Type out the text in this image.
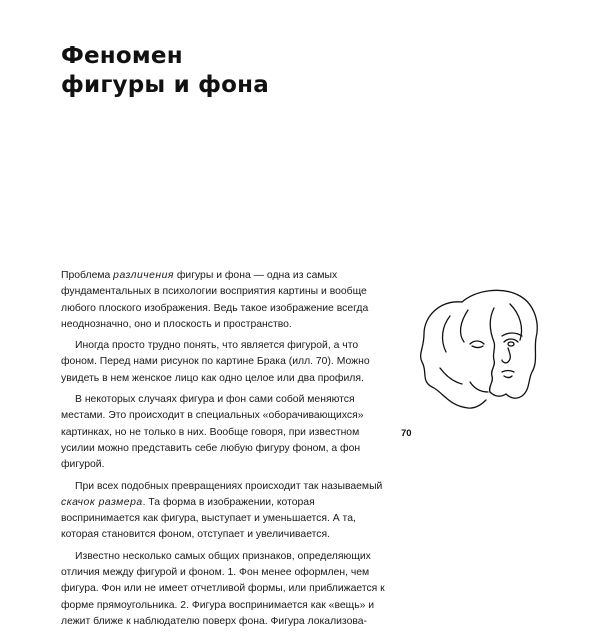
Феномен
фигуры и фона

Проблема различения фигуры и фона — одна из самых фундаментальных в психологии восприятия картины и вообще любого плоского изображения. Ведь такое изображение всегда неоднозначно, оно и плоскость и пространство.

Иногда просто трудно понять, что является фигурой, а что фоном. Перед нами рисунок по картине Брака (илл. 70). Можно увидеть в нем женское лицо как одно целое или два профиля.

В некоторых случаях фигура и фон сами собой меняются местами. Это происходит в специальных «оборачивающихся» картинках, но не только в них. Вообще говоря, при известном усилии можно представить себе любую фигуру фоном, а фон фигурой.

При всех подобных превращениях происходит так называемый скачок размера. Та форма в изображении, которая воспринимается как фигура, выступает и уменьшается. А та, которая становится фоном, отступает и увеличивается.

Известно несколько самых общих признаков, определяющих отличия между фигурой и фоном. 1. Фон менее оформлен, чем фигура. Фон или не имеет отчетливой формы, или приближается к форме прямоугольника. 2. Фигура воспринимается как «вещь» и лежит ближе к наблюдателю поверх фона. Фигура локализова-

70
